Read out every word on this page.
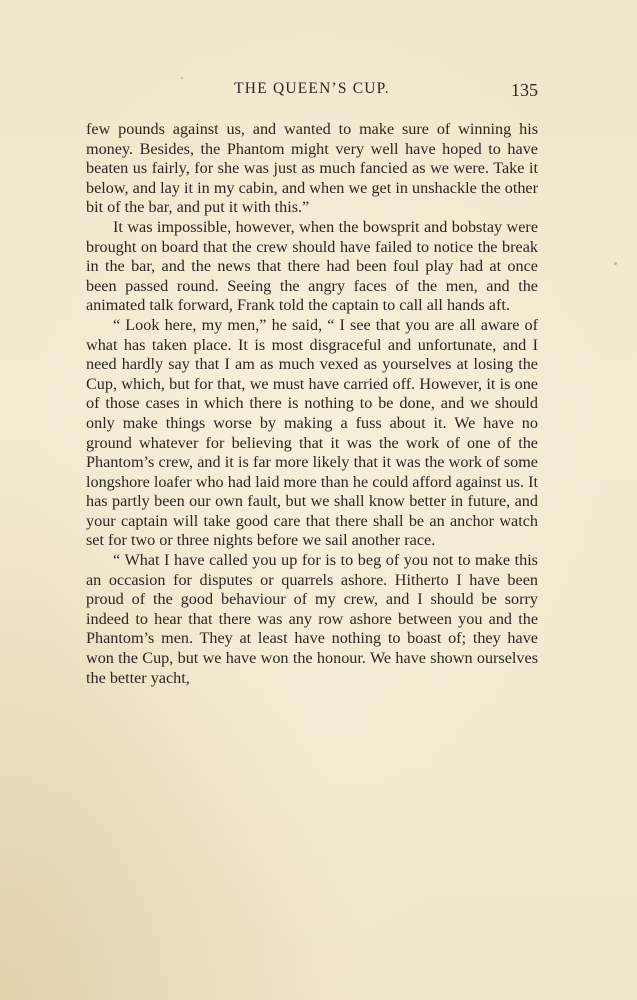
THE QUEEN’S CUP.	135

few pounds against us, and wanted to make sure of winning his money. Besides, the Phantom might very well have hoped to have beaten us fairly, for she was just as much fancied as we were. Take it below, and lay it in my cabin, and when we get in unshackle the other bit of the bar, and put it with this.”

It was impossible, however, when the bowsprit and bobstay were brought on board that the crew should have failed to notice the break in the bar, and the news that there had been foul play had at once been passed round. Seeing the angry faces of the men, and the animated talk forward, Frank told the captain to call all hands aft.

“ Look here, my men,” he said, “ I see that you are all aware of what has taken place. It is most disgraceful and unfortunate, and I need hardly say that I am as much vexed as yourselves at losing the Cup, which, but for that, we must have carried off. However, it is one of those cases in which there is nothing to be done, and we should only make things worse by making a fuss about it. We have no ground whatever for believing that it was the work of one of the Phantom’s crew, and it is far more likely that it was the work of some longshore loafer who had laid more than he could afford against us. It has partly been our own fault, but we shall know better in future, and your captain will take good care that there shall be an anchor watch set for two or three nights before we sail another race.

“ What I have called you up for is to beg of you not to make this an occasion for disputes or quarrels ashore. Hitherto I have been proud of the good behaviour of my crew, and I should be sorry indeed to hear that there was any row ashore between you and the Phantom’s men. They at least have nothing to boast of; they have won the Cup, but we have won the honour. We have shown ourselves the better yacht,
